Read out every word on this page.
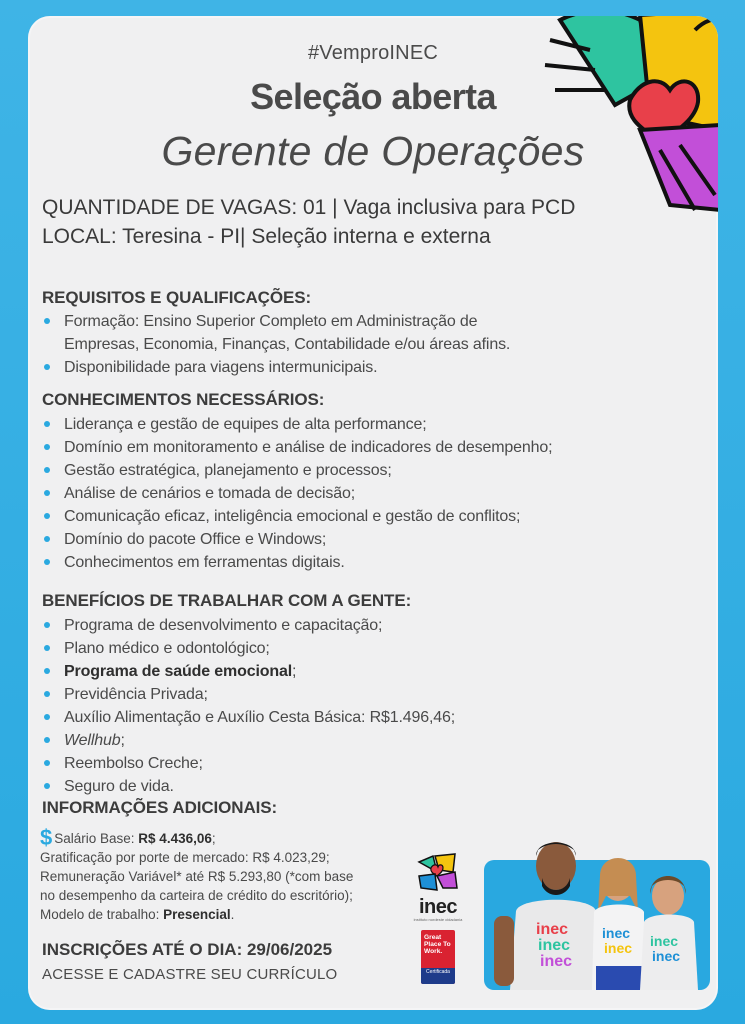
#VemproINEC
Seleção aberta
Gerente de Operações
QUANTIDADE DE VAGAS: 01 | Vaga inclusiva para PCD
LOCAL: Teresina - PI| Seleção interna e externa
REQUISITOS E QUALIFICAÇÕES:
Formação: Ensino Superior Completo em Administração de
Empresas, Economia, Finanças, Contabilidade e/ou áreas afins.
Disponibilidade para viagens intermunicipais.
CONHECIMENTOS NECESSÁRIOS:
Liderança e gestão de equipes de alta performance;
Domínio em monitoramento e análise de indicadores de desempenho;
Gestão estratégica, planejamento e processos;
Análise de cenários e tomada de decisão;
Comunicação eficaz, inteligência emocional e gestão de conflitos;
Domínio do pacote Office e Windows;
Conhecimentos em ferramentas digitais.
BENEFÍCIOS DE TRABALHAR COM A GENTE:
Programa de desenvolvimento e capacitação;
Plano médico e odontológico;
Programa de saúde emocional;
Previdência Privada;
Auxílio Alimentação e Auxílio Cesta Básica: R$1.496,46;
Wellhub;
Reembolso Creche;
Seguro de vida.
INFORMAÇÕES ADICIONAIS:
$ Salário Base: R$ 4.436,06;
Gratificação por porte de mercado: R$ 4.023,29;
Remuneração Variável* até R$ 5.293,80 (*com base
no desempenho da carteira de crédito do escritório);
Modelo de trabalho: Presencial.
INSCRIÇÕES ATÉ O DIA: 29/06/2025
ACESSE E CADASTRE SEU CURRÍCULO
inec
instituto nordeste cidadania
Great Place To Work.
Certificada
inec
inec
inec
inec
inec inec
inec
